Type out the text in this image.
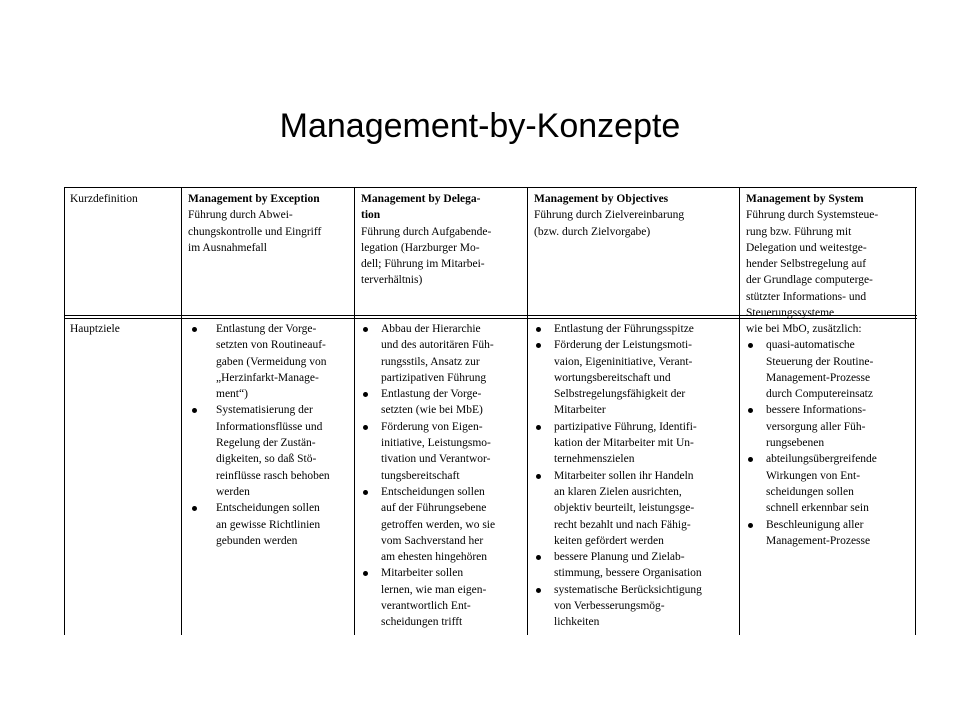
Management-by-Konzepte
Kurzdefinition	Management by Exception
Führung durch Abwei-
chungskontrolle und Eingriff
im Ausnahmefall
Management by Delega-
tion
Führung durch Aufgabende-
legation (Harzburger Mo-
dell; Führung im Mitarbei-
terverhältnis)
Management by Objectives
Führung durch Zielvereinbarung
(bzw. durch Zielvorgabe)
Management by System
Führung durch Systemsteue-
rung bzw. Führung mit
Delegation und weitestge-
hender Selbstregelung auf
der Grundlage computerge-
stützter Informations- und
Steuerungssysteme
Hauptziele	Entlastung der Vorge-
setzten von Routineauf-
gaben (Vermeidung von
„Herzinfarkt-Manage-
ment“)
Systematisierung der
Informationsflüsse und
Regelung der Zustän-
digkeiten, so daß Stö-
reinflüsse rasch behoben
werden
Entscheidungen sollen
an gewisse Richtlinien
gebunden werden
Abbau der Hierarchie
und des autoritären Füh-
rungsstils, Ansatz zur
partizipativen Führung
Entlastung der Vorge-
setzten (wie bei MbE)
Förderung von Eigen-
initiative, Leistungsmo-
tivation und Verantwor-
tungsbereitschaft
Entscheidungen sollen
auf der Führungsebene
getroffen werden, wo sie
vom Sachverstand her
am ehesten hingehören
Mitarbeiter sollen
lernen, wie man eigen-
verantwortlich Ent-
scheidungen trifft
Entlastung der Führungsspitze
Förderung der Leistungsmoti-
vaion, Eigeninitiative, Verant-
wortungsbereitschaft und
Selbstregelungsfähigkeit der
Mitarbeiter
partizipative Führung, Identifi-
kation der Mitarbeiter mit Un-
ternehmenszielen
Mitarbeiter sollen ihr Handeln
an klaren Zielen ausrichten,
objektiv beurteilt, leistungsge-
recht bezahlt und nach Fähig-
keiten gefördert werden
bessere Planung und Zielab-
stimmung, bessere Organisation
systematische Berücksichtigung
von Verbesserungsmög-
lichkeiten
wie bei MbO, zusätzlich:
quasi-automatische
Steuerung der Routine-
Management-Prozesse
durch Computereinsatz
bessere Informations-
versorgung aller Füh-
rungsebenen
abteilungsübergreifende
Wirkungen von Ent-
scheidungen sollen
schnell erkennbar sein
Beschleunigung aller
Management-Prozesse
